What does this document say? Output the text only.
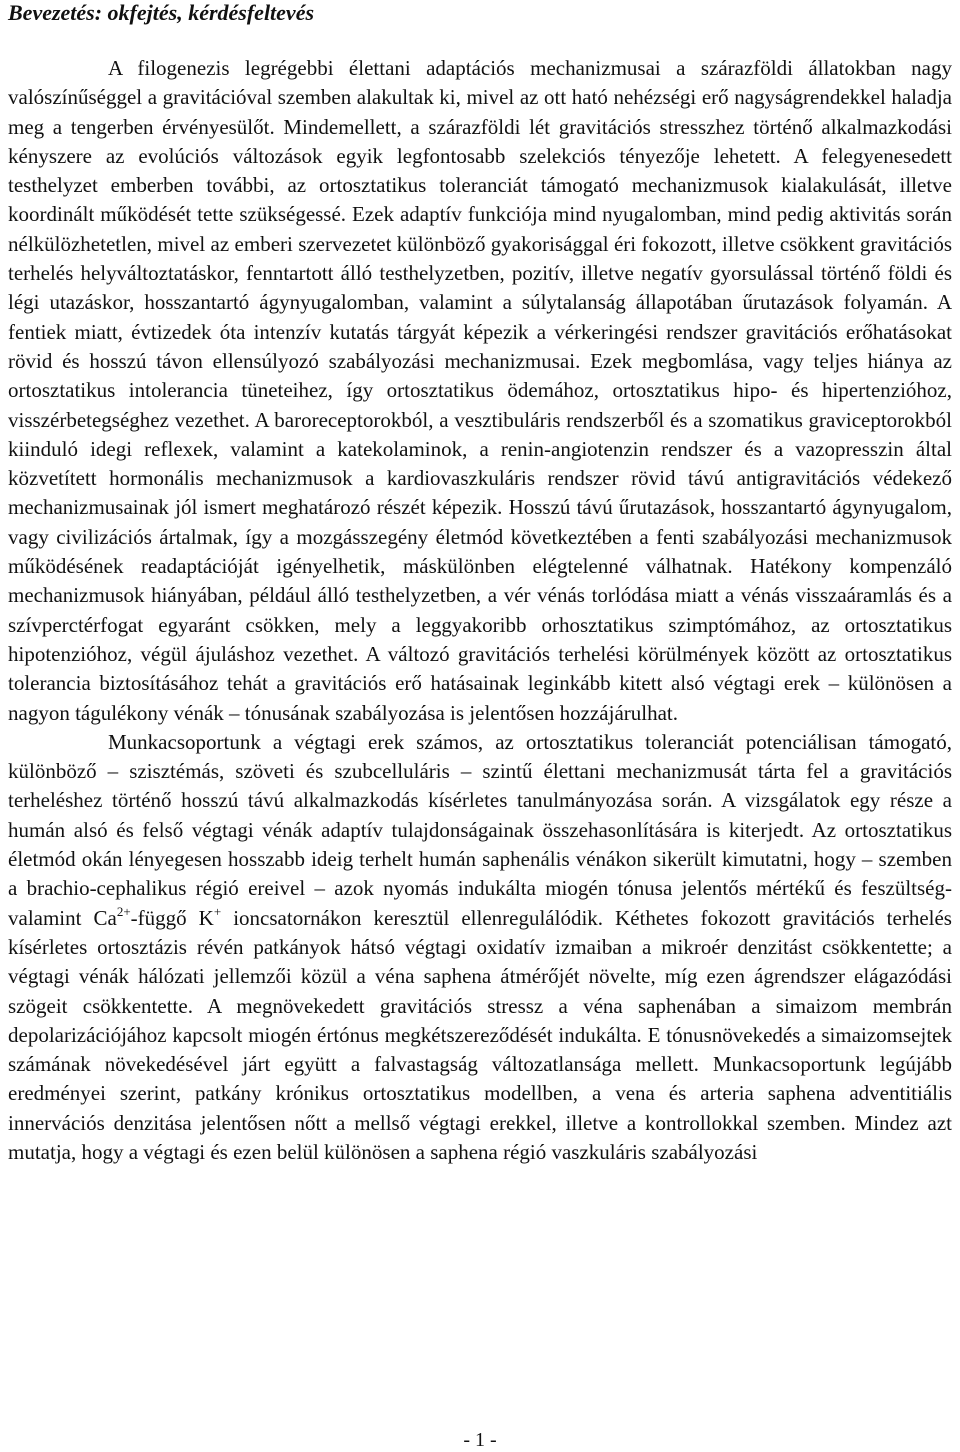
Bevezetés: okfejtés, kérdésfeltevés

A filogenezis legrégebbi élettani adaptációs mechanizmusai a szárazföldi állatokban nagy valószínűséggel a gravitációval szemben alakultak ki, mivel az ott ható nehézségi erő nagyságrendekkel haladja meg a tengerben érvényesülőt. Mindemellett, a szárazföldi lét gravitációs stresszhez történő alkalmazkodási kényszere az evolúciós változások egyik legfontosabb szelekciós tényezője lehetett. A felegyenesedett testhelyzet emberben további, az ortosztatikus toleranciát támogató mechanizmusok kialakulását, illetve koordinált működését tette szükségessé. Ezek adaptív funkciója mind nyugalomban, mind pedig aktivitás során nélkülözhetetlen, mivel az emberi szervezetet különböző gyakorisággal éri fokozott, illetve csökkent gravitációs terhelés helyváltoztatáskor, fenntartott álló testhelyzetben, pozitív, illetve negatív gyorsulással történő földi és légi utazáskor, hosszantartó ágynyugalomban, valamint a súlytalanság állapotában űrutazások folyamán. A fentiek miatt, évtizedek óta intenzív kutatás tárgyát képezik a vérkeringési rendszer gravitációs erőhatásokat rövid és hosszú távon ellensúlyozó szabályozási mechanizmusai. Ezek megbomlása, vagy teljes hiánya az ortosztatikus intolerancia tüneteihez, így ortosztatikus ödemához, ortosztatikus hipo- és hipertenzióhoz, visszérbetegséghez vezethet. A baroreceptorokból, a vesztibuláris rendszerből és a szomatikus graviceptorokból kiinduló idegi reflexek, valamint a katekolaminok, a renin-angiotenzin rendszer és a vazopresszin által közvetített hormonális mechanizmusok a kardiovaszkuláris rendszer rövid távú antigravitációs védekező mechanizmusainak jól ismert meghatározó részét képezik. Hosszú távú űrutazások, hosszantartó ágynyugalom, vagy civilizációs ártalmak, így a mozgásszegény életmód következtében a fenti szabályozási mechanizmusok működésének readaptációját igényelhetik, máskülönben elégtelenné válhatnak. Hatékony kompenzáló mechanizmusok hiányában, például álló testhelyzetben, a vér vénás torlódása miatt a vénás visszaáramlás és a szívperctérfogat egyaránt csökken, mely a leggyakoribb orhosztatikus szimptómához, az ortosztatikus hipotenzióhoz, végül ájuláshoz vezethet. A változó gravitációs terhelési körülmények között az ortosztatikus tolerancia biztosításához tehát a gravitációs erő hatásainak leginkább kitett alsó végtagi erek – különösen a nagyon tágulékony vénák – tónusának szabályozása is jelentősen hozzájárulhat.

Munkacsoportunk a végtagi erek számos, az ortosztatikus toleranciát potenciálisan támogató, különböző – szisztémás, szöveti és szubcelluláris – szintű élettani mechanizmusát tárta fel a gravitációs terheléshez történő hosszú távú alkalmazkodás kísérletes tanulmányozása során. A vizsgálatok egy része a humán alsó és felső végtagi vénák adaptív tulajdonságainak összehasonlítására is kiterjedt. Az ortosztatikus életmód okán lényegesen hosszabb ideig terhelt humán saphenális vénákon sikerült kimutatni, hogy – szemben a brachio-cephalikus régió ereivel – azok nyomás indukálta miogén tónusa jelentős mértékű és feszültség- valamint $Ca^{2+}$-függő K+ ioncsatornákon keresztül ellenregulálódik. Kéthetes fokozott gravitációs terhelés kísérletes ortosztázis révén patkányok hátsó végtagi oxidatív izmaiban a mikroér denzitást csökkentette; a végtagi vénák hálózati jellemzői közül a véna saphena átmérőjét növelte, míg ezen ágrendszer elágazódási szögeit csökkentette. A megnövekedett gravitációs stressz a véna saphenában a simaizom membrán depolarizációjához kapcsolt miogén értónus megkétszereződését indukálta. E tónusnövekedés a simaizomsejtek számának növekedésével járt együtt a falvastagság változatlansága mellett. Munkacsoportunk legújább eredményei szerint, patkány krónikus ortosztatikus modellben, a vena és arteria saphena adventitiális innervációs denzitása jelentősen nőtt a mellső végtagi erekkel, illetve a kontrollokkal szemben. Mindez azt mutatja, hogy a végtagi és ezen belül különösen a saphena régió vaszkuláris szabályozási

- 1 -
